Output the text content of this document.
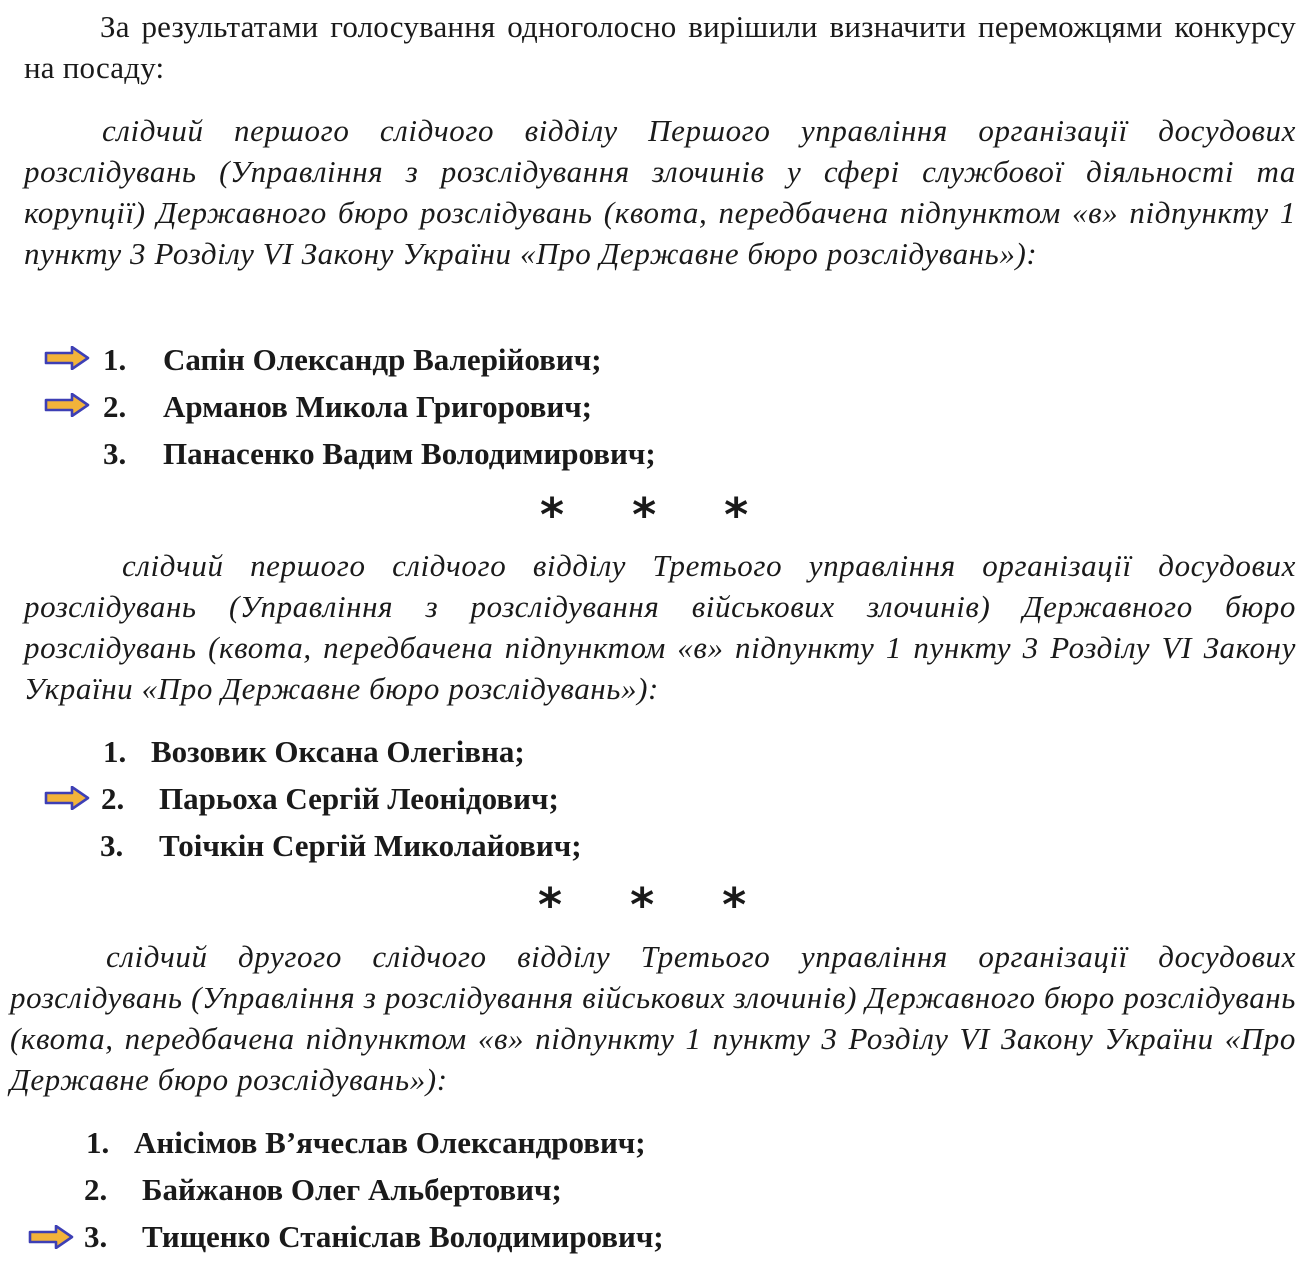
За результатами голосування одноголосно вирішили визначити переможцями конкурсу на посаду:

слідчий першого слідчого відділу Першого управління організації досудових розслідувань (Управління з розслідування злочинів у сфері службової діяльності та корупції) Державного бюро розслідувань (квота, передбачена підпунктом «в» підпункту 1 пункту 3 Розділу VI Закону України «Про Державне бюро розслідувань»):

1. Сапін Олександр Валерійович;
2. Арманов Микола Григорович;
3. Панасенко Вадим Володимирович;
* * *

слідчий першого слідчого відділу Третього управління організації досудових розслідувань (Управління з розслідування військових злочинів) Державного бюро розслідувань (квота, передбачена підпунктом «в» підпункту 1 пункту 3 Розділу VI Закону України «Про Державне бюро розслідувань»):

1. Возовик Оксана Олегівна;
2. Парьоха Сергій Леонідович;
3. Тоічкін Сергій Миколайович;
* * *

слідчий другого слідчого відділу Третього управління організації досудових розслідувань (Управління з розслідування військових злочинів) Державного бюро розслідувань (квота, передбачена підпунктом «в» підпункту 1 пункту 3 Розділу VI Закону України «Про Державне бюро розслідувань»):

1. Анісімов В’ячеслав Олександрович;
2. Байжанов Олег Альбертович;
3. Тищенко Станіслав Володимирович;
